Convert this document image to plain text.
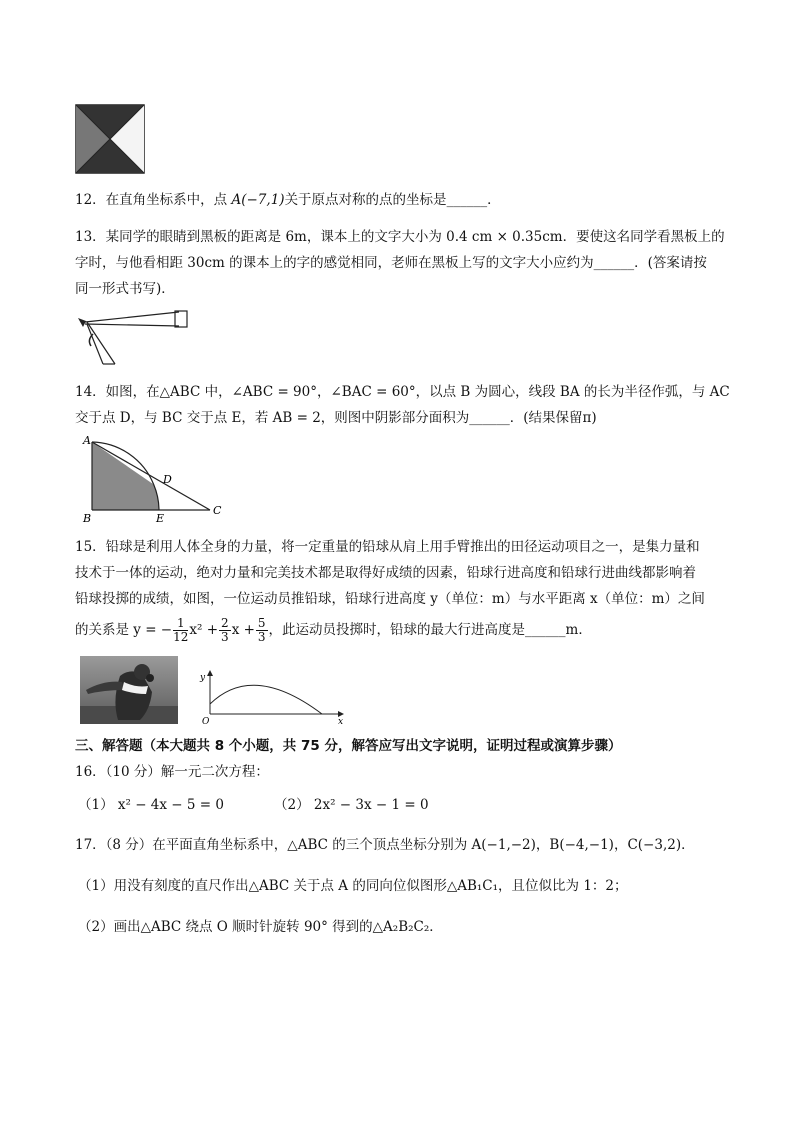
12．在直角坐标系中，点 A(−7,1)关于原点对称的点的坐标是______．
13．某同学的眼睛到黑板的距离是 6m，课本上的文字大小为 0.4 cm × 0.35cm．要使这名同学看黑板上的
字时，与他看相距 30cm 的课本上的字的感觉相同，老师在黑板上写的文字大小应约为______．(答案请按
同一形式书写)．
14．如图，在△ABC 中，∠ABC = 90°，∠BAC = 60°，以点 B 为圆心，线段 BA 的长为半径作弧，与 AC
交于点 D，与 BC 交于点 E，若 AB = 2，则图中阴影部分面积为______．(结果保留π)
A
B	E
D
C
15．铅球是利用人体全身的力量，将一定重量的铅球从肩上用手臂推出的田径运动项目之一，是集力量和
技术于一体的运动，绝对力量和完美技术都是取得好成绩的因素，铅球行进高度和铅球行进曲线都影响着
铅球投掷的成绩，如图，一位运动员推铅球，铅球行进高度 y（单位：m）与水平距离 x（单位：m）之间
的关系是 y = − $\frac{1}{12} x^2 + \frac{2}{3}$ $x + \frac{5}{3}$ ，此运动员投掷时，铅球的最大行进高度是______m．
y
x
O
三、解答题（本大题共 8 个小题，共 75 分，解答应写出文字说明，证明过程或演算步骤）
16．（10 分）解一元二次方程：
（1） x² − 4x − 5 = 0	（2） 2x² − 3x − 1 = 0
17．（8 分）在平面直角坐标系中，△ABC 的三个顶点坐标分别为 A(−1,−2)，B(−4,−1)，C(−3,2)．
（1）用没有刻度的直尺作出△ABC 关于点 A 的同向位似图形△AB₁C₁，且位似比为 1：2；
（2）画出△ABC 绕点 O 顺时针旋转 90° 得到的△A₂B₂C₂．
